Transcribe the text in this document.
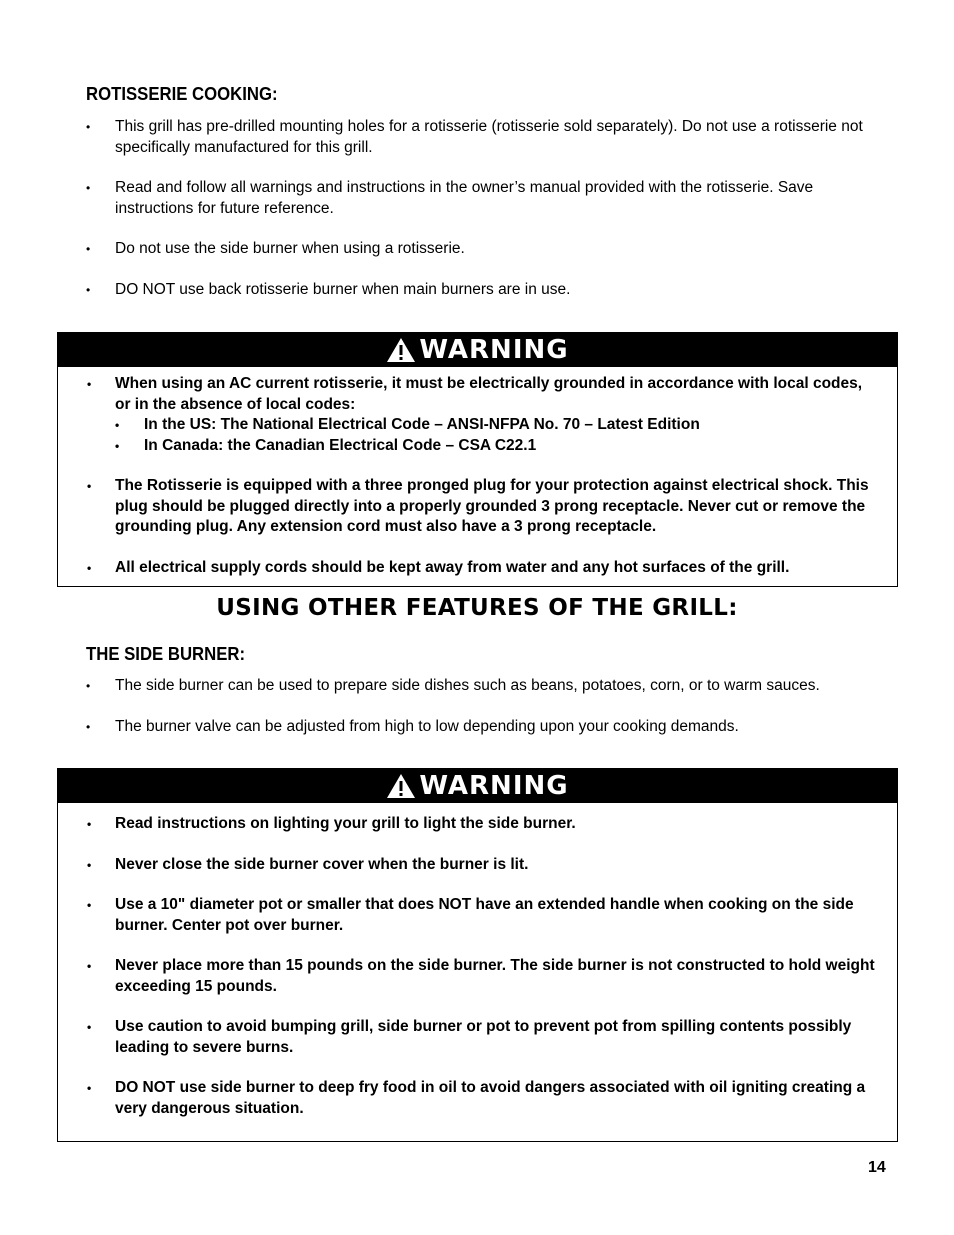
ROTISSERIE COOKING:
• This grill has pre-drilled mounting holes for a rotisserie (rotisserie sold separately). Do not use a rotisserie not specifically manufactured for this grill.
• Read and follow all warnings and instructions in the owner’s manual provided with the rotisserie. Save instructions for future reference.
• Do not use the side burner when using a rotisserie.
• DO NOT use back rotisserie burner when main burners are in use.
WARNING
• When using an AC current rotisserie, it must be electrically grounded in accordance with local codes, or in the absence of local codes:
• In the US: The National Electrical Code – ANSI-NFPA No. 70 – Latest Edition
• In Canada: the Canadian Electrical Code – CSA C22.1
• The Rotisserie is equipped with a three pronged plug for your protection against electrical shock. This plug should be plugged directly into a properly grounded 3 prong receptacle. Never cut or remove the grounding plug. Any extension cord must also have a 3 prong receptacle.
• All electrical supply cords should be kept away from water and any hot surfaces of the grill.
USING OTHER FEATURES OF THE GRILL:
THE SIDE BURNER:
• The side burner can be used to prepare side dishes such as beans, potatoes, corn, or to warm sauces.
• The burner valve can be adjusted from high to low depending upon your cooking demands.
WARNING
• Read instructions on lighting your grill to light the side burner.
• Never close the side burner cover when the burner is lit.
• Use a 10" diameter pot or smaller that does NOT have an extended handle when cooking on the side burner. Center pot over burner.
• Never place more than 15 pounds on the side burner. The side burner is not constructed to hold weight exceeding 15 pounds.
• Use caution to avoid bumping grill, side burner or pot to prevent pot from spilling contents possibly leading to severe burns.
• DO NOT use side burner to deep fry food in oil to avoid dangers associated with oil igniting creating a very dangerous situation.
14
